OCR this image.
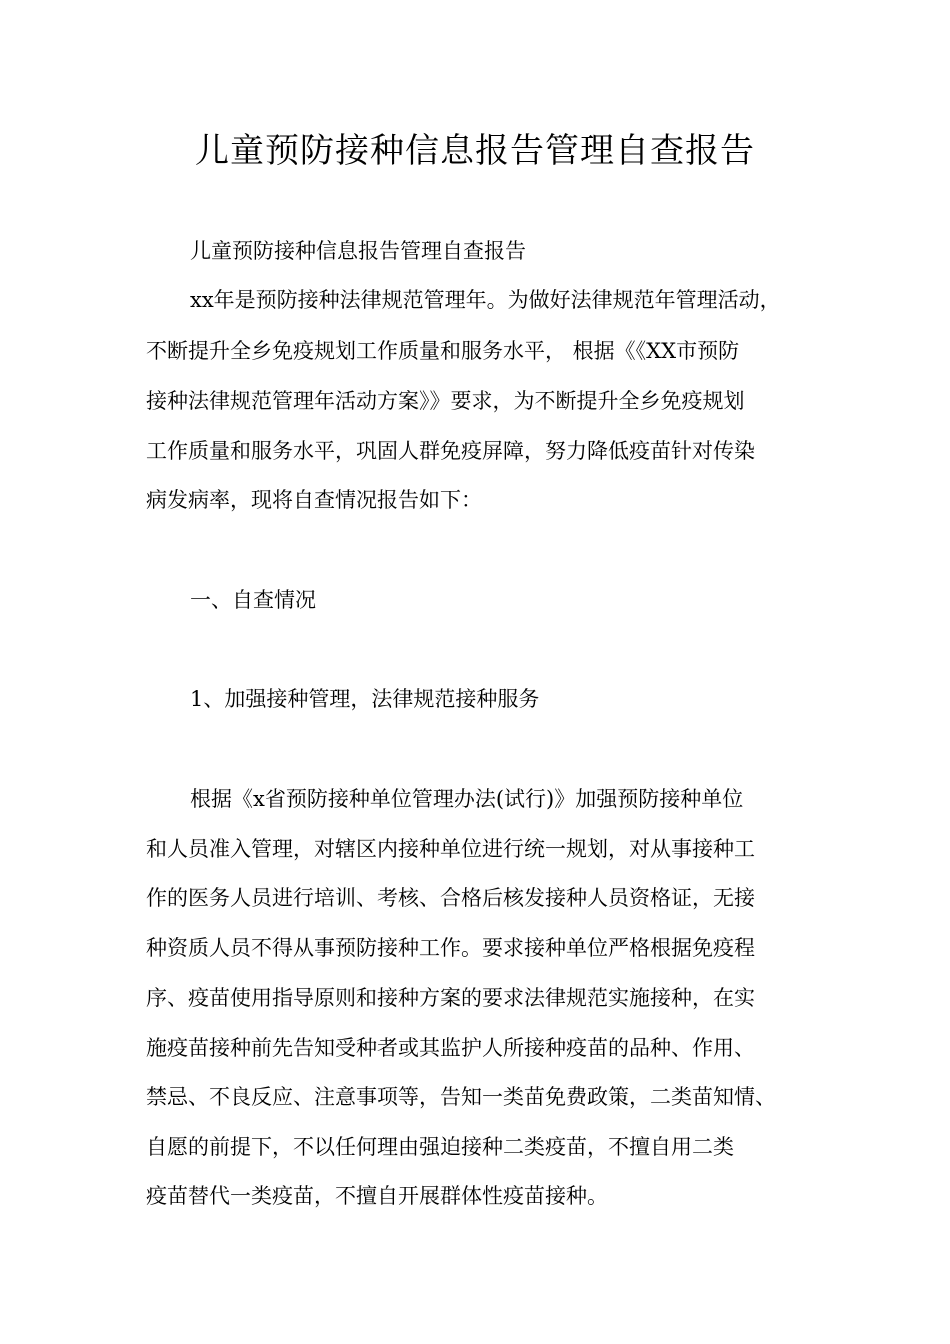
儿童预防接种信息报告管理自查报告
儿童预防接种信息报告管理自查报告
xx年是预防接种法律规范管理年。为做好法律规范年管理活动，
不断提升全乡免疫规划工作质量和服务水平， 根据《《XX市预防
接种法律规范管理年活动方案》》要求，为不断提升全乡免疫规划
工作质量和服务水平，巩固人群免疫屏障，努力降低疫苗针对传染
病发病率，现将自查情况报告如下：
一、自查情况
1、加强接种管理，法律规范接种服务
根据《x省预防接种单位管理办法(试行)》加强预防接种单位
和人员准入管理，对辖区内接种单位进行统一规划，对从事接种工
作的医务人员进行培训、考核、合格后核发接种人员资格证，无接
种资质人员不得从事预防接种工作。要求接种单位严格根据免疫程
序、疫苗使用指导原则和接种方案的要求法律规范实施接种，在实
施疫苗接种前先告知受种者或其监护人所接种疫苗的品种、作用、
禁忌、不良反应、注意事项等，告知一类苗免费政策，二类苗知情、
自愿的前提下，不以任何理由强迫接种二类疫苗，不擅自用二类
疫苗替代一类疫苗，不擅自开展群体性疫苗接种。
